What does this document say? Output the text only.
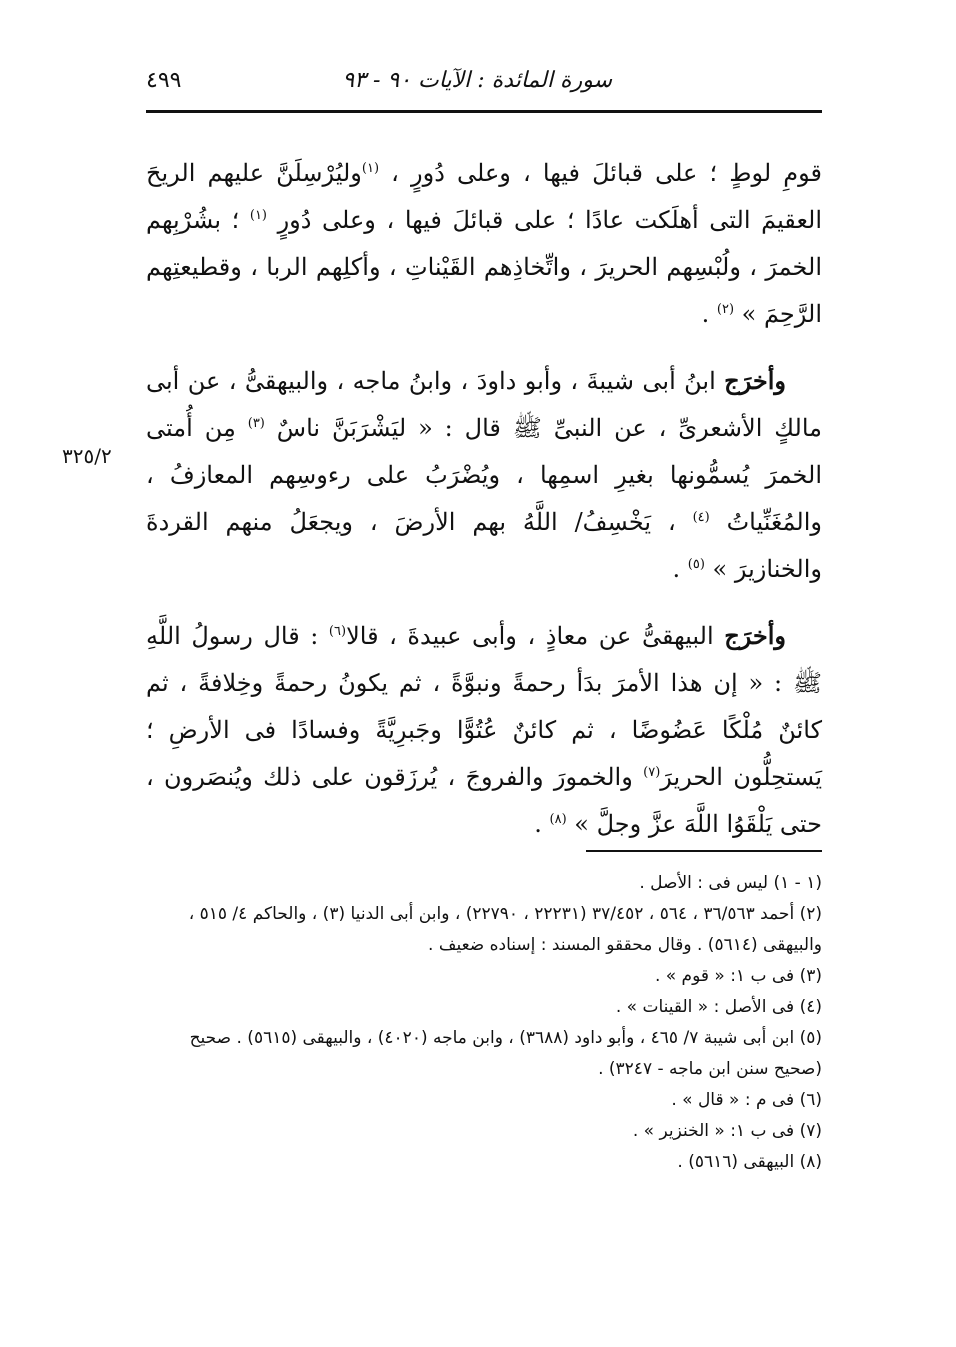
٤٩٩	سورة المائدة : الآيات ٩٠ - ٩٣
٣٢٥/٢

قومِ لوطٍ ؛ على قبائلَ فيها ، وعلى دُورٍ ، $^{(١)}$وليُرْسِلَنَّ عليهم الريحَ العقيمَ التى أهلَكت عادًا ؛ على قبائلَ فيها ، وعلى دُورٍ $^{(١)}$ ؛ بشُرْبِهم الخمرَ ، ولُبْسِهم الحريرَ ، واتِّخاذِهم القَيْناتِ ، وأكلِهم الربا ، وقطيعتِهم الرَّحِمَ » $^{(٢)}$ .

وأخرَج ابنُ أبى شيبةَ ، وأبو داودَ ، وابنُ ماجه ، والبيهقىُّ ، عن أبى مالكٍ الأشعرىِّ ، عن النبىِّ ﷺ قال : « ليَشْرَبَنَّ ناسٌ $^{(٣)}$ مِن أُمتى الخمرَ يُسمُّونها بغيرِ اسمِها ، ويُضْرَبُ على رءوسِهم المعازفُ ، والمُغَنِّياتُ $^{(٤)}$ ، يَخْسِفُ/ اللَّهُ بهم الأرضَ ، ويجعَلُ منهم القردةَ والخنازيرَ » $^{(٥)}$ .

وأخرَج البيهقىُّ عن معاذٍ ، وأبى عبيدةَ ، قالا$^{(٦)}$ : قال رسولُ اللَّهِ ﷺ : « إن هذا الأمرَ بدَأ رحمةً ونبوَّةً ، ثم يكونُ رحمةً وخِلافةً ، ثم كائنٌ مُلْكًا عَضُوضًا ، ثم كائنٌ عُتُوًّا وجَبرِيَّةً وفسادًا فى الأرضِ ؛ يَستحِلُّون الحريرَ$^{(٧)}$ والخمورَ والفروجَ ، يُرزَقون على ذلك ويُنصَرون ، حتى يَلْقَوُا اللَّهَ عزَّ وجلَّ » $^{(٨)}$ .

(١ - ١) ليس فى : الأصل .

(٢) أحمد ٣٦/٥٦٣ ، ٥٦٤ ، ٣٧/٤٥٢ (٢٢٢٣١ ، ٢٢٧٩٠) ، وابن أبى الدنيا (٣) ، والحاكم ٤/ ٥١٥ ،

والبيهقى (٥٦١٤) . وقال محققو المسند : إسناده ضعيف .

(٣) فى ب ١: « قوم » .

(٤) فى الأصل : « القينات » .

(٥) ابن أبى شيبة ٧/ ٤٦٥ ، وأبو داود (٣٦٨٨) ، وابن ماجه (٤٠٢٠) ، والبيهقى (٥٦١٥) . صحيح

(صحيح سنن ابن ماجه - ٣٢٤٧) .

(٦) فى م : « قال » .

(٧) فى ب ١: « الخنزير » .

(٨) البيهقى (٥٦١٦) .
